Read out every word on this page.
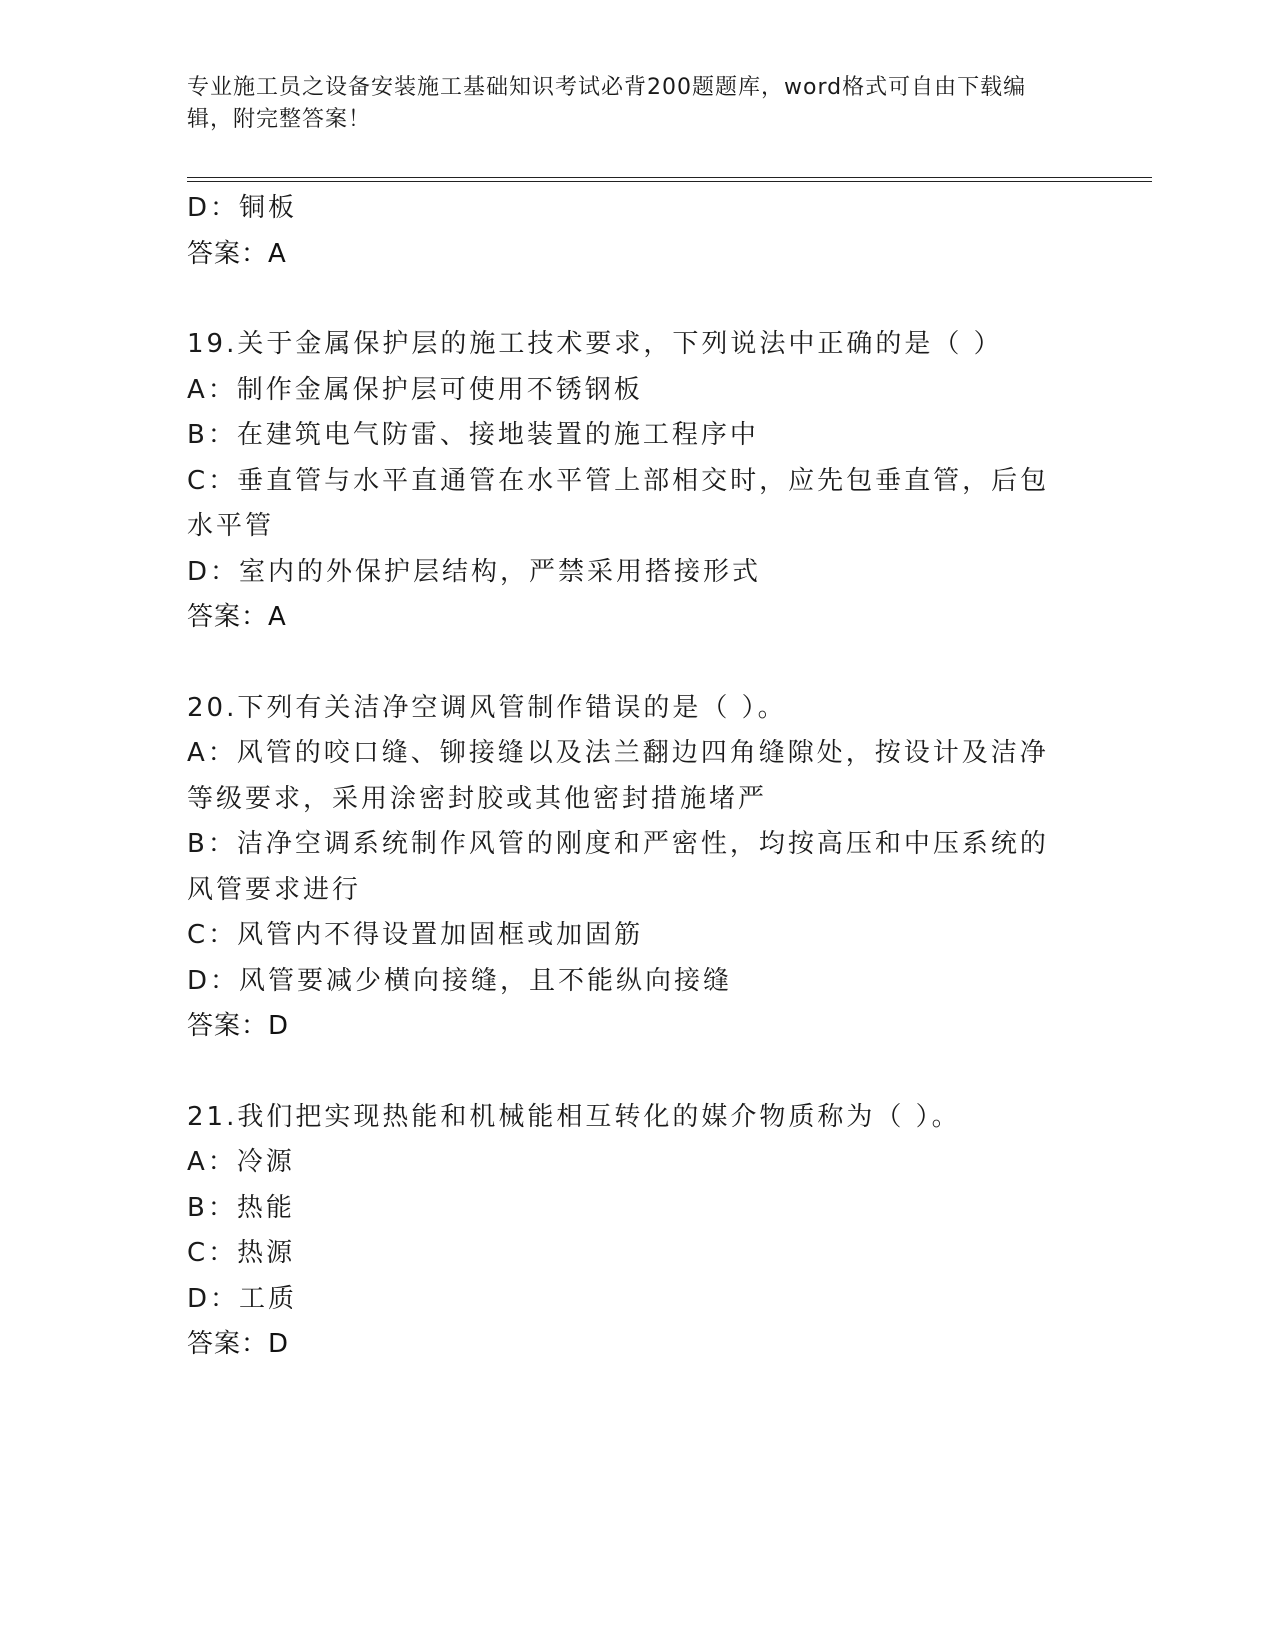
专业施工员之设备安装施工基础知识考试必背200题题库，word格式可自由下载编辑，附完整答案！
D：铜板
答案：A
19.关于金属保护层的施工技术要求，下列说法中正确的是（ ）
A：制作金属保护层可使用不锈钢板
B：在建筑电气防雷、接地装置的施工程序中
C：垂直管与水平直通管在水平管上部相交时，应先包垂直管，后包水平管
D：室内的外保护层结构，严禁采用搭接形式
答案：A
20.下列有关洁净空调风管制作错误的是（ ）。
A：风管的咬口缝、铆接缝以及法兰翻边四角缝隙处，按设计及洁净等级要求，采用涂密封胶或其他密封措施堵严
B：洁净空调系统制作风管的刚度和严密性，均按高压和中压系统的风管要求进行
C：风管内不得设置加固框或加固筋
D：风管要减少横向接缝，且不能纵向接缝
答案：D
21.我们把实现热能和机械能相互转化的媒介物质称为（ ）。
A：冷源
B：热能
C：热源
D：工质
答案：D
